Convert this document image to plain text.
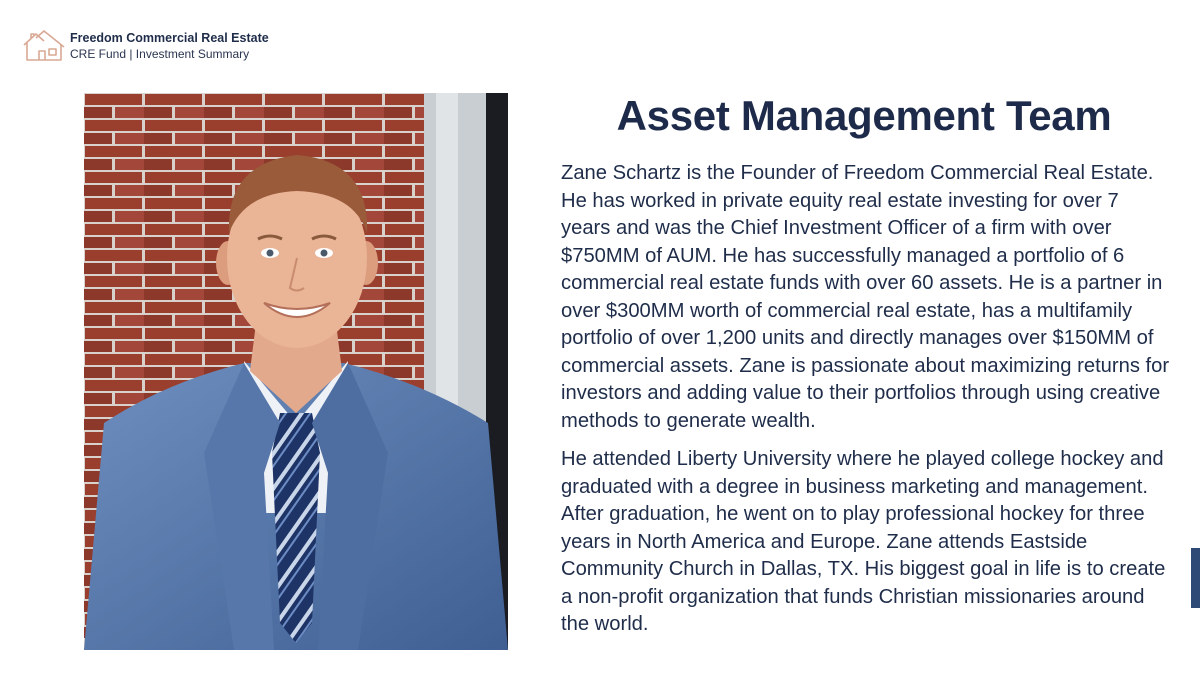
Freedom Commercial Real Estate
CRE Fund | Investment Summary
Asset Management Team

Zane Schartz is the Founder of Freedom Commercial Real Estate. He has worked in private equity real estate investing for over 7 years and was the Chief Investment Officer of a firm with over $750MM of AUM. He has successfully managed a portfolio of 6 commercial real estate funds with over 60 assets. He is a partner in over $300MM worth of commercial real estate, has a multifamily portfolio of over 1,200 units and directly manages over $150MM of commercial assets. Zane is passionate about maximizing returns for investors and adding value to their portfolios through using creative methods to generate wealth.

He attended Liberty University where he played college hockey and graduated with a degree in business marketing and management. After graduation, he went on to play professional hockey for three years in North America and Europe. Zane attends Eastside Community Church in Dallas, TX. His biggest goal in life is to create a non-profit organization that funds Christian missionaries around the world.
